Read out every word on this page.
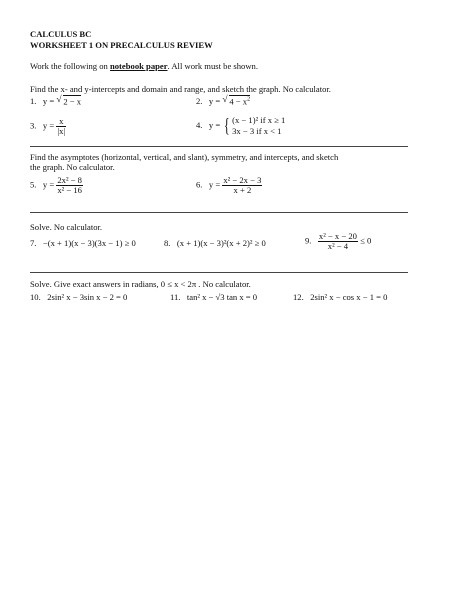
CALCULUS BC
WORKSHEET 1 ON PRECALCULUS REVIEW
Work the following on notebook paper. All work must be shown.
Find the x- and y-intercepts and domain and range, and sketch the graph. No calculator.
1. y = √ 2 − x	2. y = √ $4 - x^2$
3. $y = \frac{x}{|x|}$	4. y = { (x − 1)² if x ≥ 1
3x − 3 if x < 1
Find the asymptotes (horizontal, vertical, and slant), symmetry, and intercepts, and sketch
the graph. No calculator.
5. $y = \frac{\text{2x² − 8}}{\text{x² − 16}}$	6. $y = \frac{\text{x² − 2x − 3}}{x + 2}$
Solve. No calculator.
7. −(x + 1)(x − 3)(3x − 1) ≥ 0	8. (x + 1)(x − 3)²(x + 2)² ≥ 0	9. $\frac{\text{x² − x − 20}}{\text{x² − 4}} \le 0$
Solve. Give exact answers in radians, 0 ≤ x < 2π . No calculator.
10. 2sin² x − 3sin x − 2 = 0	11. tan² x − √3 tan x = 0	12. 2sin² x − cos x − 1 = 0
